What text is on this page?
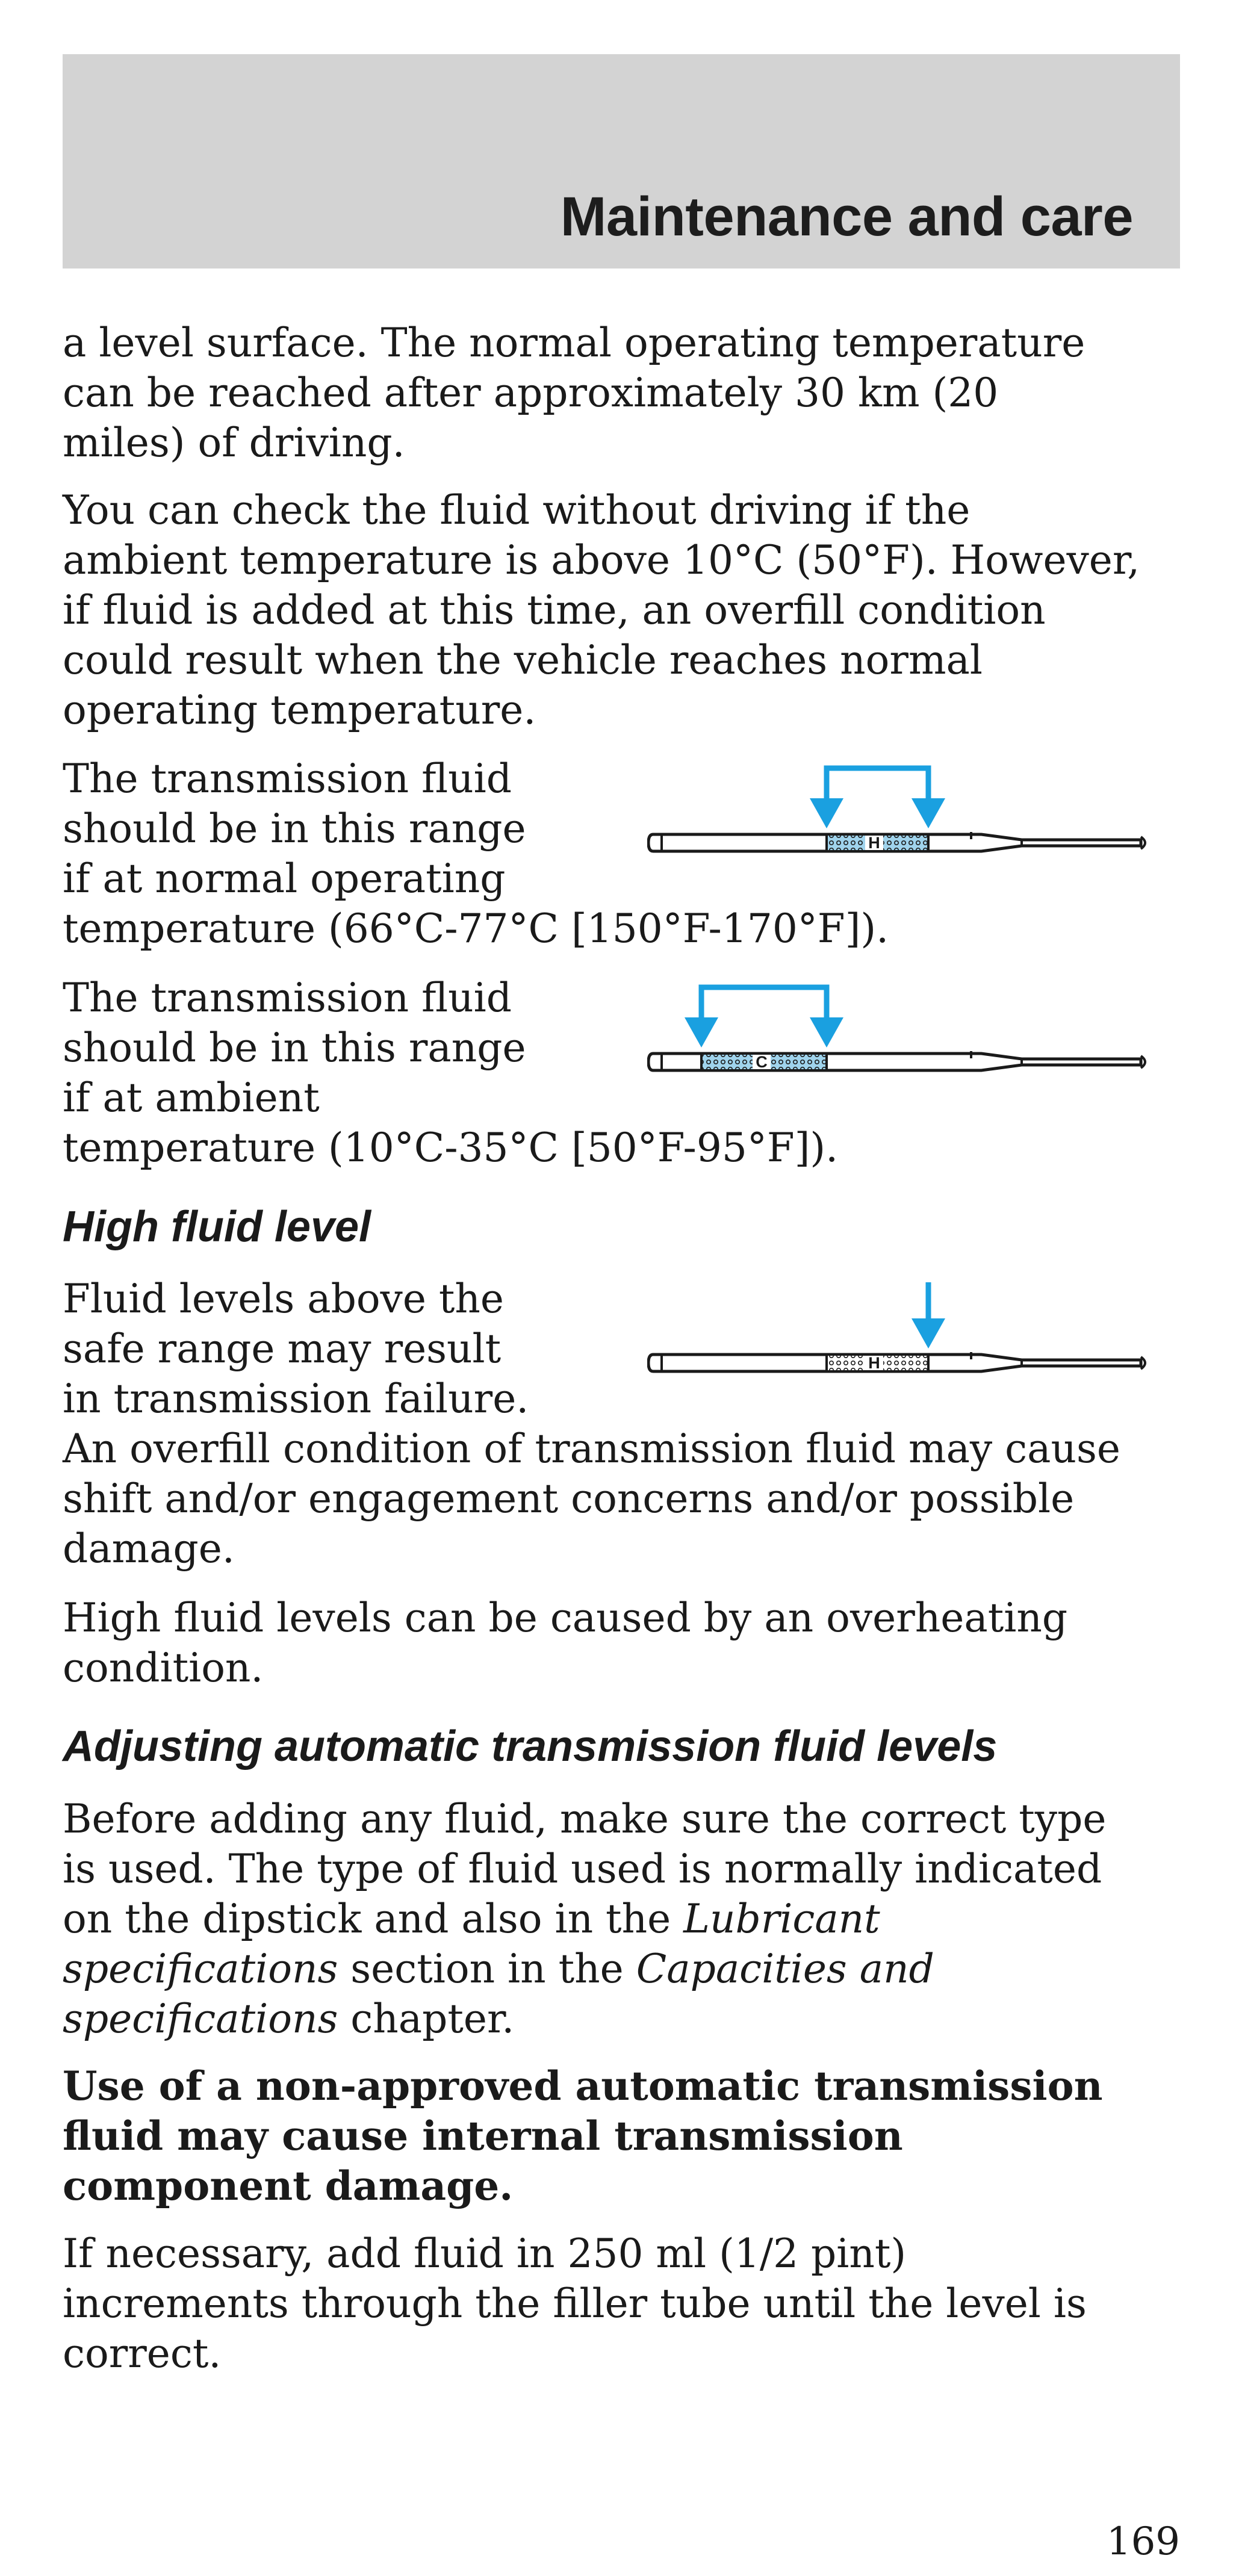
Maintenance and care

a level surface. The normal operating temperature

can be reached after approximately 30 km (20

miles) of driving.

You can check the fluid without driving if the

ambient temperature is above 10°C (50°F). However,

if fluid is added at this time, an overfill condition

could result when the vehicle reaches normal

operating temperature.

The transmission fluid

should be in this range

if at normal operating

temperature (66°C-77°C [150°F-170°F]).

H

The transmission fluid

should be in this range

if at ambient

temperature (10°C-35°C [50°F-95°F]).

C
High fluid level

Fluid levels above the

safe range may result

in transmission failure.

An overfill condition of transmission fluid may cause

shift and/or engagement concerns and/or possible

damage.

H

High fluid levels can be caused by an overheating

condition.

Adjusting automatic transmission fluid levels

Before adding any fluid, make sure the correct type

is used. The type of fluid used is normally indicated

on the dipstick and also in the Lubricant

specifications section in the Capacities and

specifications chapter.

Use of a non-approved automatic transmission

fluid may cause internal transmission

component damage.

If necessary, add fluid in 250 ml (1/2 pint)

increments through the filler tube until the level is

correct.

169
